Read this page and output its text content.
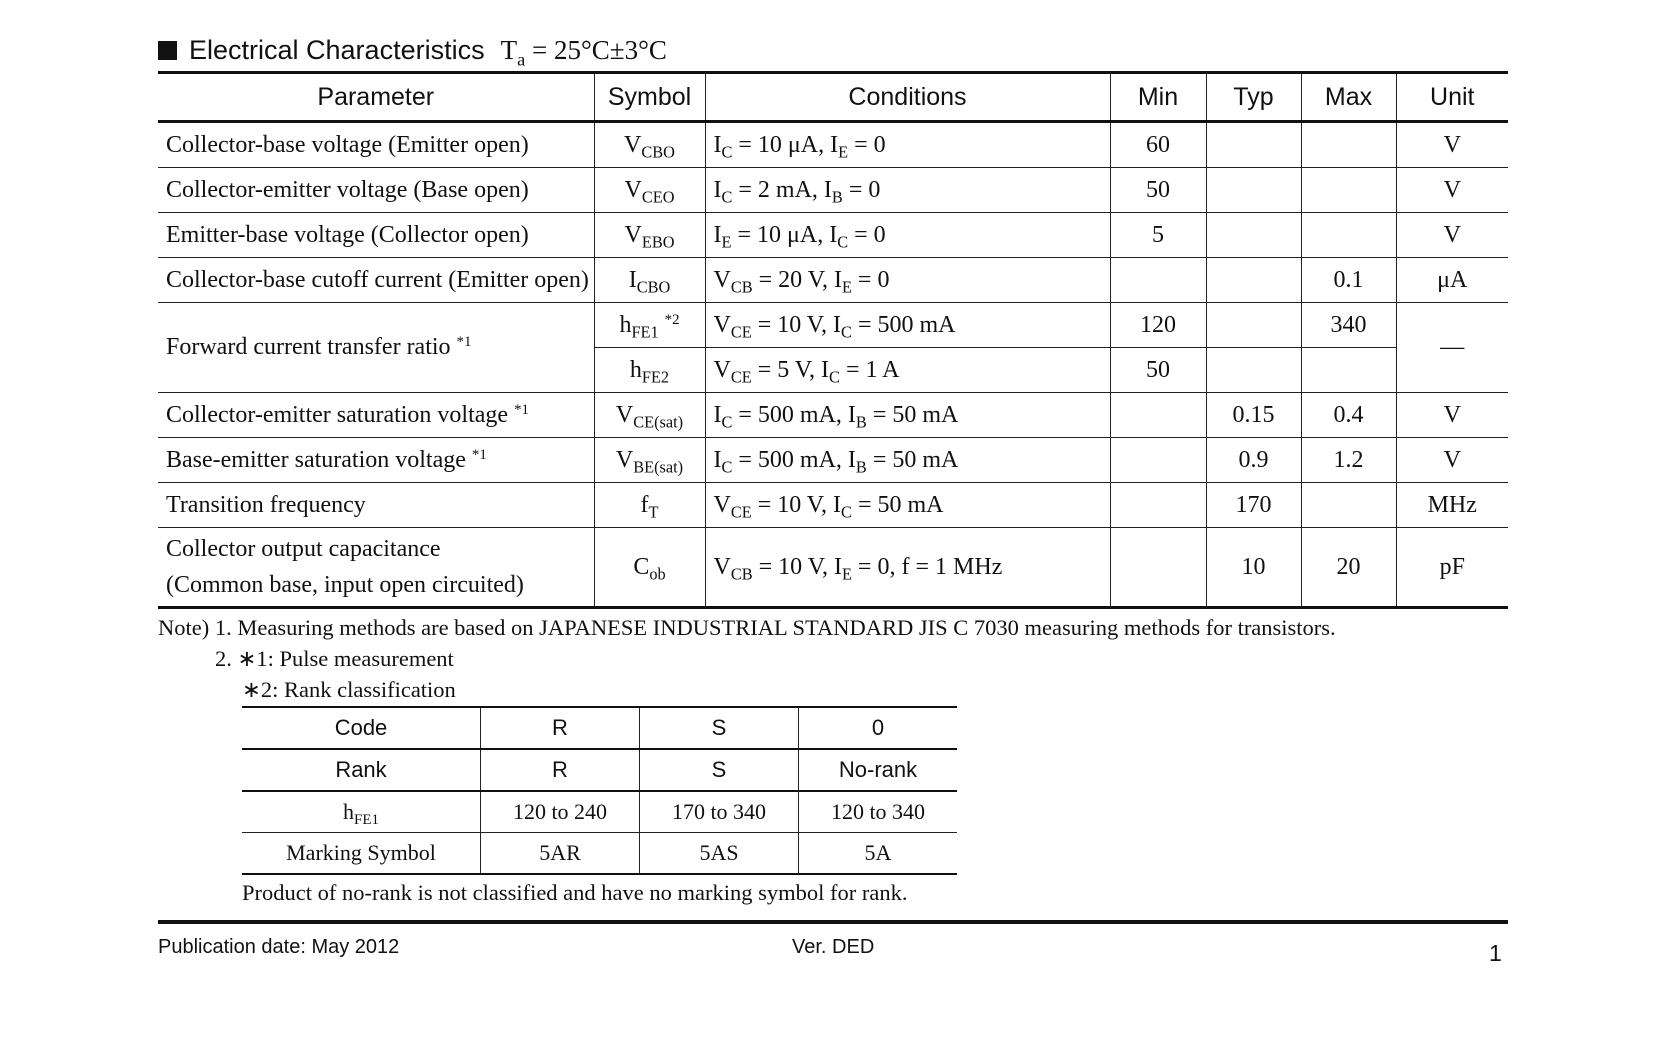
Electrical Characteristics $T_a = 25^\circ C\pm 3^\circ C$
Parameter	Symbol	Conditions	Min	Typ	Max	Unit
Collector-base voltage (Emitter open)	$V_{CBO}$	$I_C = 10$ μA, $I_E = 0$	60			V
Collector-emitter voltage (Base open)	$V_{CEO}$	$I_C = 2$ mA, $I_B = 0$	50			V
Emitter-base voltage (Collector open)	$V_{EBO}$	$I_E = 10$ μA, $I_C = 0$	5			V
Collector-base cutoff current (Emitter open)	$I_{CBO}$	$V_{CB} = 20$ V, $I_E = 0$			0.1	μA
Forward current transfer ratio $^{*1}$	$h_{FE1}$ $^{*2}$	$V_{CE} = 10$ V, $I_C = 500$ mA	120		340	—
	$h_{FE2}$	$V_{CE} = 5$ V, $I_C = 1$ A	50			
Collector-emitter saturation voltage $^{*1}$	$V_{CE(sat)}$	$I_C = 500$ mA, $I_B = 50$ mA		0.15	0.4	V
Base-emitter saturation voltage $^{*1}$	$V_{BE(sat)}$	$I_C = 500$ mA, $I_B = 50$ mA		0.9	1.2	V
Transition frequency	$f_T$	$V_{CE} = 10$ V, $I_C = 50$ mA		170		MHz

Collector output capacitance
(Common base, input open circuited)	$C_{ob}$	$V_{CB} = 10$ V, $I_E = 0$, f = 1 MHz		10	20	pF
Note) 1. Measuring methods are based on JAPANESE INDUSTRIAL STANDARD JIS C 7030 measuring methods for transistors.
2. ∗1: Pulse measurement
∗2: Rank classification
Code	R	S	0
Rank	R	S	No-rank
$h_{FE1}$	120 to 240	170 to 340	120 to 340
Marking Symbol	5AR	5AS	5A
Product of no-rank is not classified and have no marking symbol for rank.
Publication date: May 2012	Ver. DED	1
